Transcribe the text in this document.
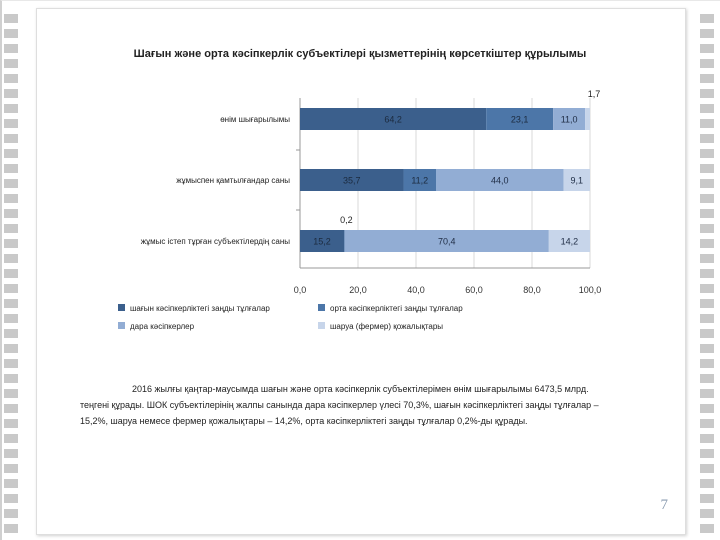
Шағын және орта кәсіпкерлік субъектілері қызметтерінің көрсеткіштер құрылымы
0,0	20,0	40,0	60,0	80,0	100,0
өнім шығарылымы	64,2	23,1	11,0
1,7
жұмыспен қамтылғандар саны	35,7	11,2	44,0	9,1
жұмыс істеп тұрған субъектілердің саны	15,2
0,2
70,4	14,2
шағын кәсіпкерліктегі заңды тұлғалар	орта кәсіпкерліктегі заңды тұлғалар
дара кәсіпкерлер	шаруа (фермер) қожалықтары

2016 жылғы қаңтар-маусымда шағын және орта кәсіпкерлік субъектілерімен өнім шығарылымы 6473,5 млрд. теңгені құрады. ШОК субъектілерінің жалпы санында дара кәсіпкерлер үлесі 70,3%, шағын кәсіпкерліктегі заңды тұлғалар – 15,2%, шаруа немесе фермер қожалықтары – 14,2%, орта кәсіпкерліктегі заңды тұлғалар 0,2%-ды құрады.

7
